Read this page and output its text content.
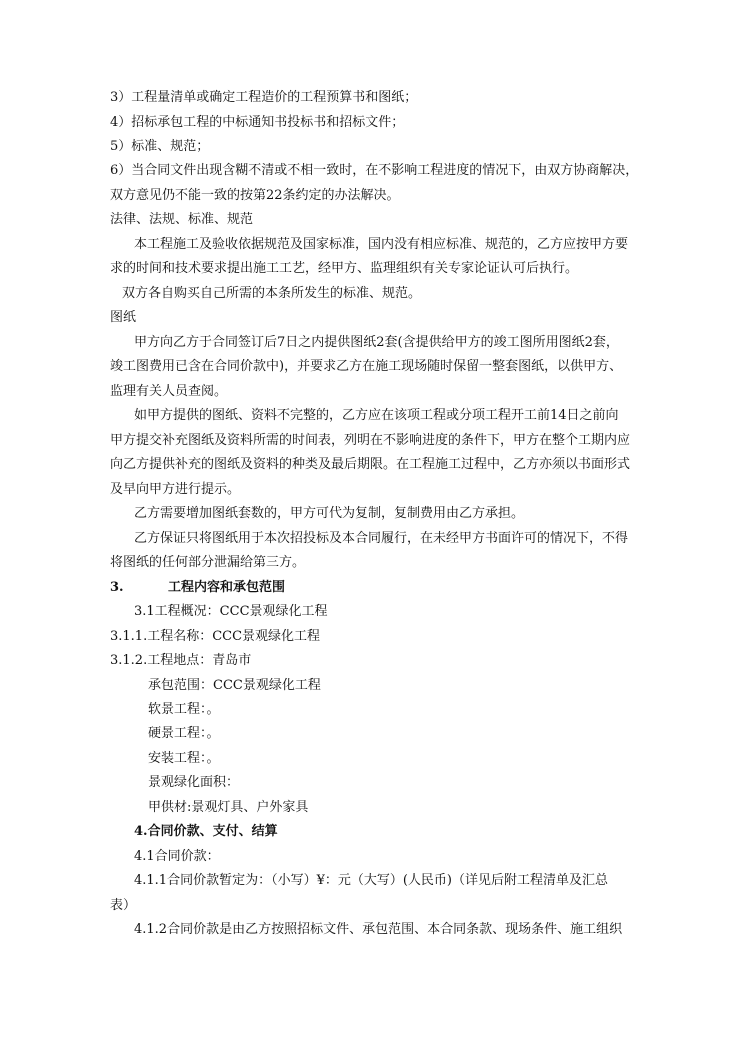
3）工程量清单或确定工程造价的工程预算书和图纸；
4）招标承包工程的中标通知书投标书和招标文件；
5）标准、规范；
6）当合同文件出现含糊不清或不相一致时，在不影响工程进度的情况下，由双方协商解决，
双方意见仍不能一致的按第22条约定的办法解决。
法律、法规、标准、规范
本工程施工及验收依据规范及国家标准，国内没有相应标准、规范的，乙方应按甲方要
求的时间和技术要求提出施工工艺，经甲方、监理组织有关专家论证认可后执行。
双方各自购买自己所需的本条所发生的标准、规范。
图纸
甲方向乙方于合同签订后7日之内提供图纸2套(含提供给甲方的竣工图所用图纸2套，
竣工图费用已含在合同价款中)，并要求乙方在施工现场随时保留一整套图纸，以供甲方、
监理有关人员查阅。
如甲方提供的图纸、资料不完整的，乙方应在该项工程或分项工程开工前14日之前向
甲方提交补充图纸及资料所需的时间表，列明在不影响进度的条件下，甲方在整个工期内应
向乙方提供补充的图纸及资料的种类及最后期限。在工程施工过程中，乙方亦须以书面形式
及早向甲方进行提示。
乙方需要增加图纸套数的，甲方可代为复制，复制费用由乙方承担。
乙方保证只将图纸用于本次招投标及本合同履行，在未经甲方书面许可的情况下，不得
将图纸的任何部分泄漏给第三方。
3.	工程内容和承包范围
3.1工程概况：CCC景观绿化工程
3.1.1.工程名称：CCC景观绿化工程
3.1.2.工程地点：青岛市
承包范围：CCC景观绿化工程
软景工程：。
硬景工程：。
安装工程：。
景观绿化面积：
甲供材:景观灯具、户外家具
4.合同价款、支付、结算
4.1合同价款：
4.1.1合同价款暂定为：（小写）¥：元（大写）(人民币)（详见后附工程清单及汇总
表）
4.1.2合同价款是由乙方按照招标文件、承包范围、本合同条款、现场条件、施工组织
